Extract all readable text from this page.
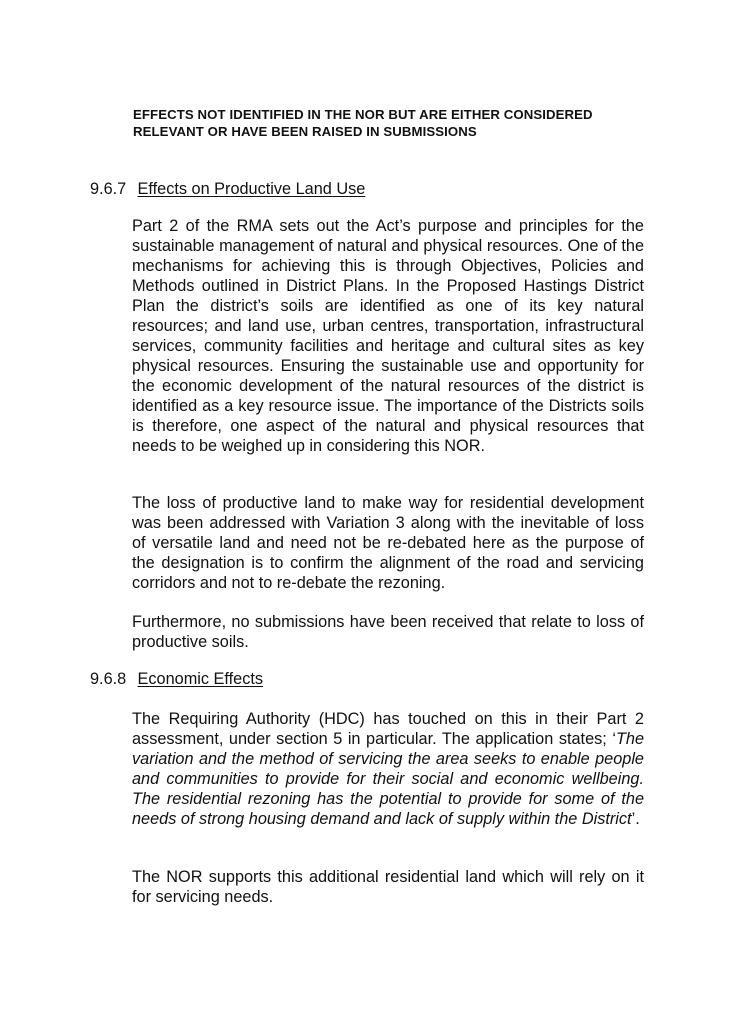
EFFECTS NOT IDENTIFIED IN THE NOR BUT ARE EITHER CONSIDERED RELEVANT OR HAVE BEEN RAISED IN SUBMISSIONS
9.6.7 Effects on Productive Land Use

Part 2 of the RMA sets out the Act’s purpose and principles for the sustainable management of natural and physical resources. One of the mechanisms for achieving this is through Objectives, Policies and Methods outlined in District Plans. In the Proposed Hastings District Plan the district’s soils are identified as one of its key natural resources; and land use, urban centres, transportation, infrastructural services, community facilities and heritage and cultural sites as key physical resources. Ensuring the sustainable use and opportunity for the economic development of the natural resources of the district is identified as a key resource issue. The importance of the Districts soils is therefore, one aspect of the natural and physical resources that needs to be weighed up in considering this NOR.

The loss of productive land to make way for residential development was been addressed with Variation 3 along with the inevitable of loss of versatile land and need not be re-debated here as the purpose of the designation is to confirm the alignment of the road and servicing corridors and not to re-debate the rezoning.

Furthermore, no submissions have been received that relate to loss of productive soils.

9.6.8 Economic Effects

The Requiring Authority (HDC) has touched on this in their Part 2 assessment, under section 5 in particular. The application states; ‘The variation and the method of servicing the area seeks to enable people and communities to provide for their social and economic wellbeing. The residential rezoning has the potential to provide for some of the needs of strong housing demand and lack of supply within the District’.

The NOR supports this additional residential land which will rely on it for servicing needs.
